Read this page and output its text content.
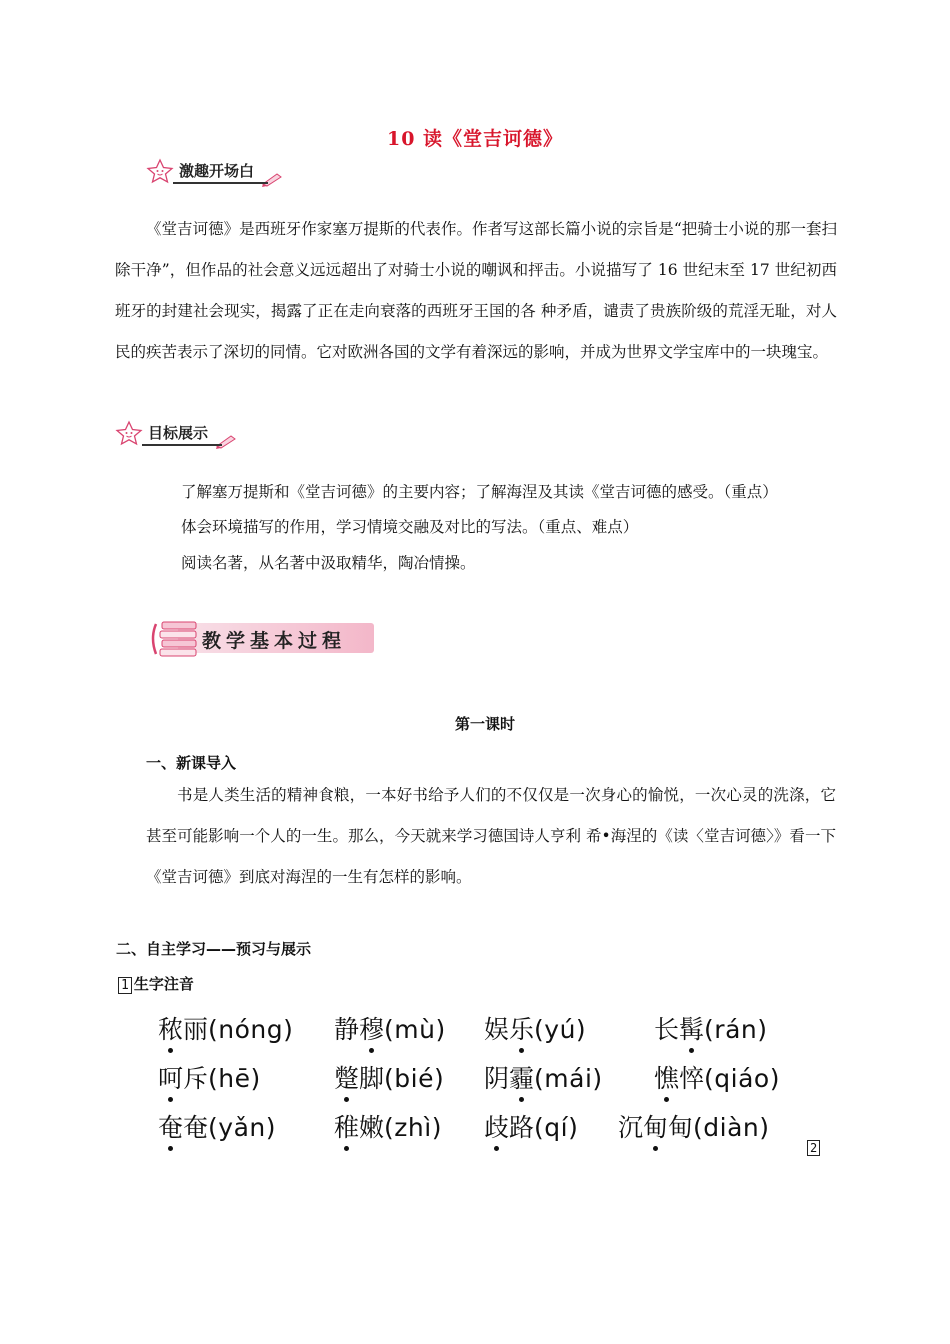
10 读《堂吉诃德》
激趣开场白

《堂吉诃德》是西班牙作家塞万提斯的代表作。作者写这部长篇小说的宗旨是“把骑士小说的那一套扫除干净”，但作品的社会意义远远超出了对骑士小说的嘲讽和抨击。小说描写了 16 世纪末至 17 世纪初西班牙的封建社会现实，揭露了正在走向衰落的西班牙王国的各 种矛盾，谴责了贵族阶级的荒淫无耻，对人民的疾苦表示了深切的同情。它对欧洲各国的文学有着深远的影响，并成为世界文学宝库中的一块瑰宝。

目标展示

了解塞万提斯和《堂吉诃德》的主要内容；了解海涅及其读《堂吉诃德的感受。（重点）

体会环境描写的作用，学习情境交融及对比的写法。（重点、难点）

阅读名著，从名著中汲取精华，陶冶情操。

教学基本过程
第一课时

一、新课导入

书是人类生活的精神食粮，一本好书给予人们的不仅仅是一次身心的愉悦，一次心灵的洗涤，它甚至可能影响一个人的一生。那么，今天就来学习德国诗人亨利 希•海涅的《读〈堂吉诃德〉》看一下《堂吉诃德》到底对海涅的一生有怎样的影响。

二、自主学习——预习与展示

1 生字注音

秾
丽(nóng) 静穆
(mù) 娱乐
(yú)	长髯
(rán)
呵
斥(hē)	蹩
脚(bié) 阴霾
(mái) 憔
悴(qiáo)
奄
奄(yǎn) 稚
嫩(zhì) 歧
路(qí) 沉甸
甸(diàn)
2
